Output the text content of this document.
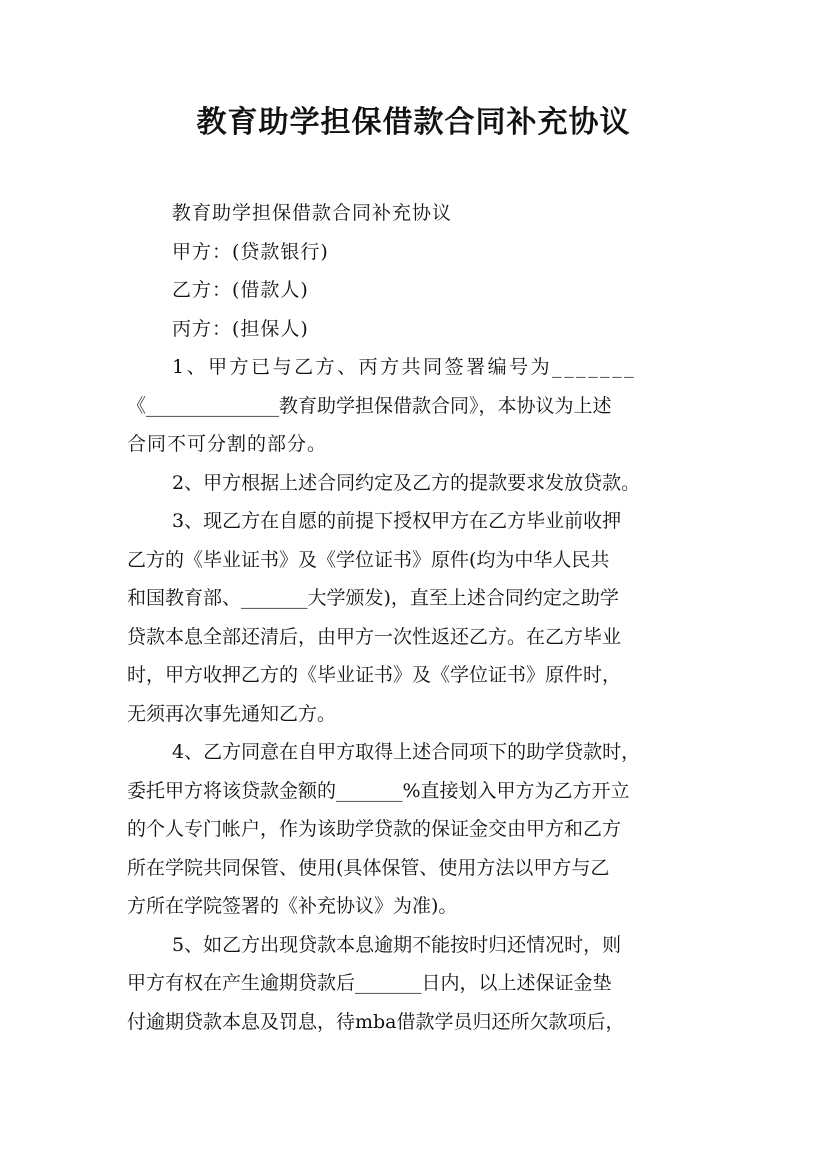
教育助学担保借款合同补充协议
教育助学担保借款合同补充协议
甲方：(贷款银行)
乙方：(借款人)
丙方：(担保人)
1、甲方已与乙方、丙方共同签署编号为_______
《______________教育助学担保借款合同》，本协议为上述
合同不可分割的部分。
2、甲方根据上述合同约定及乙方的提款要求发放贷款。
3、现乙方在自愿的前提下授权甲方在乙方毕业前收押
乙方的《毕业证书》及《学位证书》原件(均为中华人民共
和国教育部、_______大学颁发)，直至上述合同约定之助学
贷款本息全部还清后，由甲方一次性返还乙方。在乙方毕业
时，甲方收押乙方的《毕业证书》及《学位证书》原件时，
无须再次事先通知乙方。
4、乙方同意在自甲方取得上述合同项下的助学贷款时，
委托甲方将该贷款金额的_______%直接划入甲方为乙方开立
的个人专门帐户，作为该助学贷款的保证金交由甲方和乙方
所在学院共同保管、使用(具体保管、使用方法以甲方与乙
方所在学院签署的《补充协议》为准)。
5、如乙方出现贷款本息逾期不能按时归还情况时，则
甲方有权在产生逾期贷款后_______日内，以上述保证金垫
付逾期贷款本息及罚息，待mba借款学员归还所欠款项后，
